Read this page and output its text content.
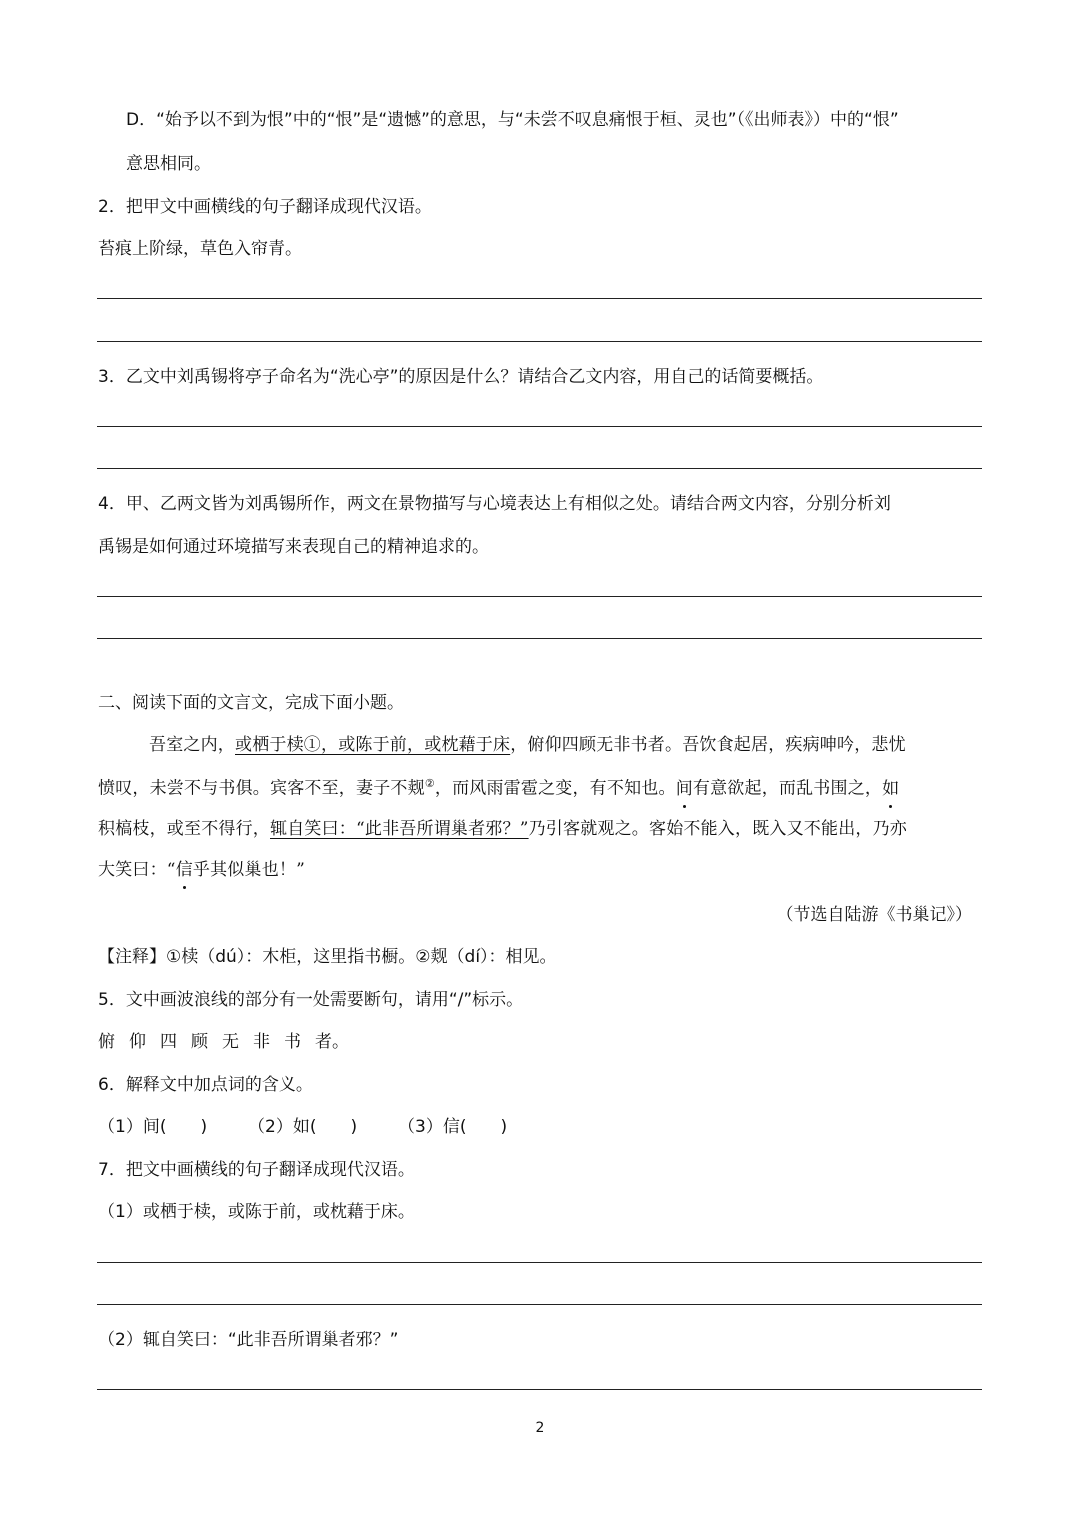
D．“始予以不到为恨”中的“恨”是“遗憾”的意思，与“未尝不叹息痛恨于桓、灵也”（《出师表》）中的“恨”
意思相同。
2．把甲文中画横线的句子翻译成现代汉语。
苔痕上阶绿，草色入帘青。
3．乙文中刘禹锡将亭子命名为“洗心亭”的原因是什么？请结合乙文内容，用自己的话简要概括。
4．甲、乙两文皆为刘禹锡所作，两文在景物描写与心境表达上有相似之处。请结合两文内容，分别分析刘
禹锡是如何通过环境描写来表现自己的精神追求的。
二、阅读下面的文言文，完成下面小题。
吾室之内，或栖于椟①，或陈于前，或枕藉于床，俯仰四顾无非书者。吾饮食起居，疾病呻吟，悲忧
愤叹，未尝不与书俱。宾客不至，妻子不觌②，而风雨雷雹之变，有不知也。间有意欲起，而乱书围之，如
积槁枝，或至不得行，辄自笑曰：“此非吾所谓巢者邪？”乃引客就观之。客始不能入，既入又不能出，乃亦
大笑曰：“信乎其似巢也！”
（节选自陆游《书巢记》）
【注释】①椟（dú）：木柜，这里指书橱。②觌（dí）：相见。
5．文中画波浪线的部分有一处需要断句，请用“/”标示。
俯 仰 四 顾 无 非 书 者。
6．解释文中加点词的含义。
（1）间(　　) （2）如(　　) （3）信(　　)
7．把文中画横线的句子翻译成现代汉语。
（1）或栖于椟，或陈于前，或枕藉于床。
（2）辄自笑曰：“此非吾所谓巢者邪？”
2
